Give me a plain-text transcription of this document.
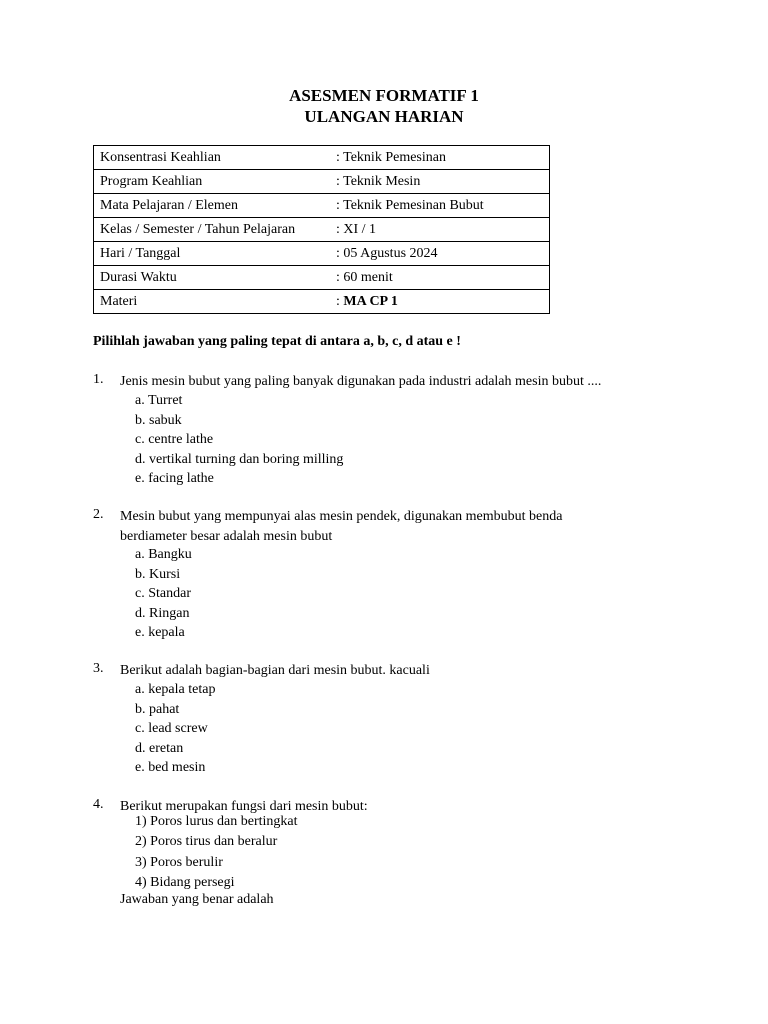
ASESMEN FORMATIF 1
ULANGAN HARIAN
Konsentrasi Keahlian	: Teknik Pemesinan
Program Keahlian	: Teknik Mesin
Mata Pelajaran / Elemen	: Teknik Pemesinan Bubut
Kelas / Semester / Tahun Pelajaran	: XI / 1
Hari / Tanggal	: 05 Agustus 2024
Durasi Waktu	: 60 menit
Materi	: MA CP 1
Pilihlah jawaban yang paling tepat di antara a, b, c, d atau e !
1. Jenis mesin bubut yang paling banyak digunakan pada industri adalah mesin bubut ....
a. Turret
b. sabuk
c. centre lathe
d. vertikal turning dan boring milling
e. facing lathe
2. Mesin bubut yang mempunyai alas mesin pendek, digunakan membubut benda berdiameter besar adalah mesin bubut
a. Bangku
b. Kursi
c. Standar
d. Ringan
e. kepala
3. Berikut adalah bagian-bagian dari mesin bubut. kacuali
a. kepala tetap
b. pahat
c. lead screw
d. eretan
e. bed mesin
4. Berikut merupakan fungsi dari mesin bubut:
1) Poros lurus dan bertingkat
2) Poros tirus dan beralur
3) Poros berulir
4) Bidang persegi
Jawaban yang benar adalah
